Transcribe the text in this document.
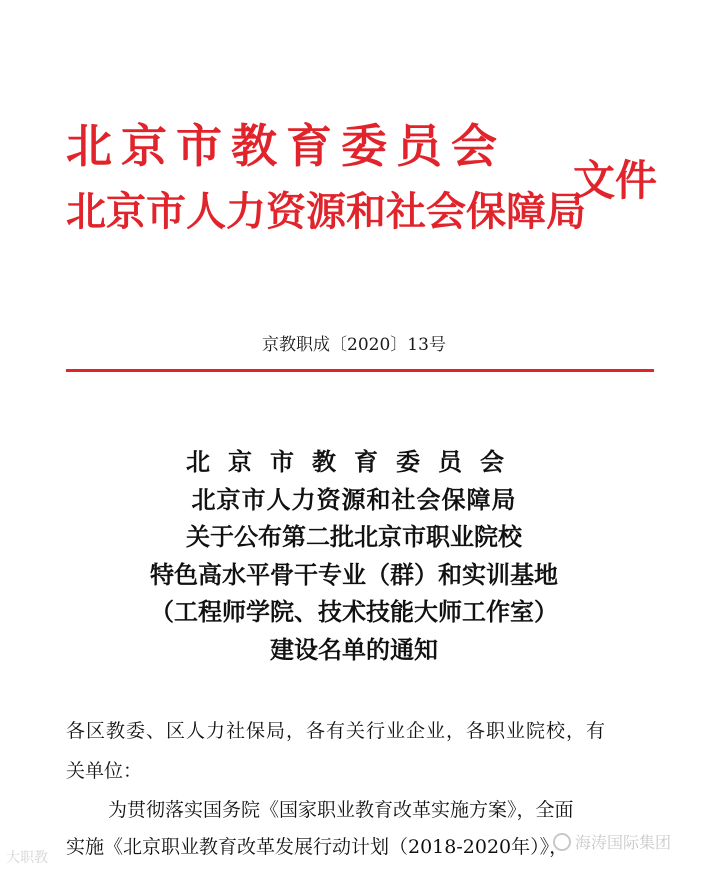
北京市教育委员会
北京市人力资源和社会保障局
文件
京教职成〔2020〕13号
北京市教育委员会
北京市人力资源和社会保障局
关于公布第二批北京市职业院校
特色高水平骨干专业（群）和实训基地
（工程师学院、技术技能大师工作室）
建设名单的通知
各区教委、区人力社保局，各有关行业企业，各职业院校，有
关单位：
为贯彻落实国务院《国家职业教育改革实施方案》，全面
实施《北京职业教育改革发展行动计划（2018-2020年）》，
大职教
海涛国际集团
